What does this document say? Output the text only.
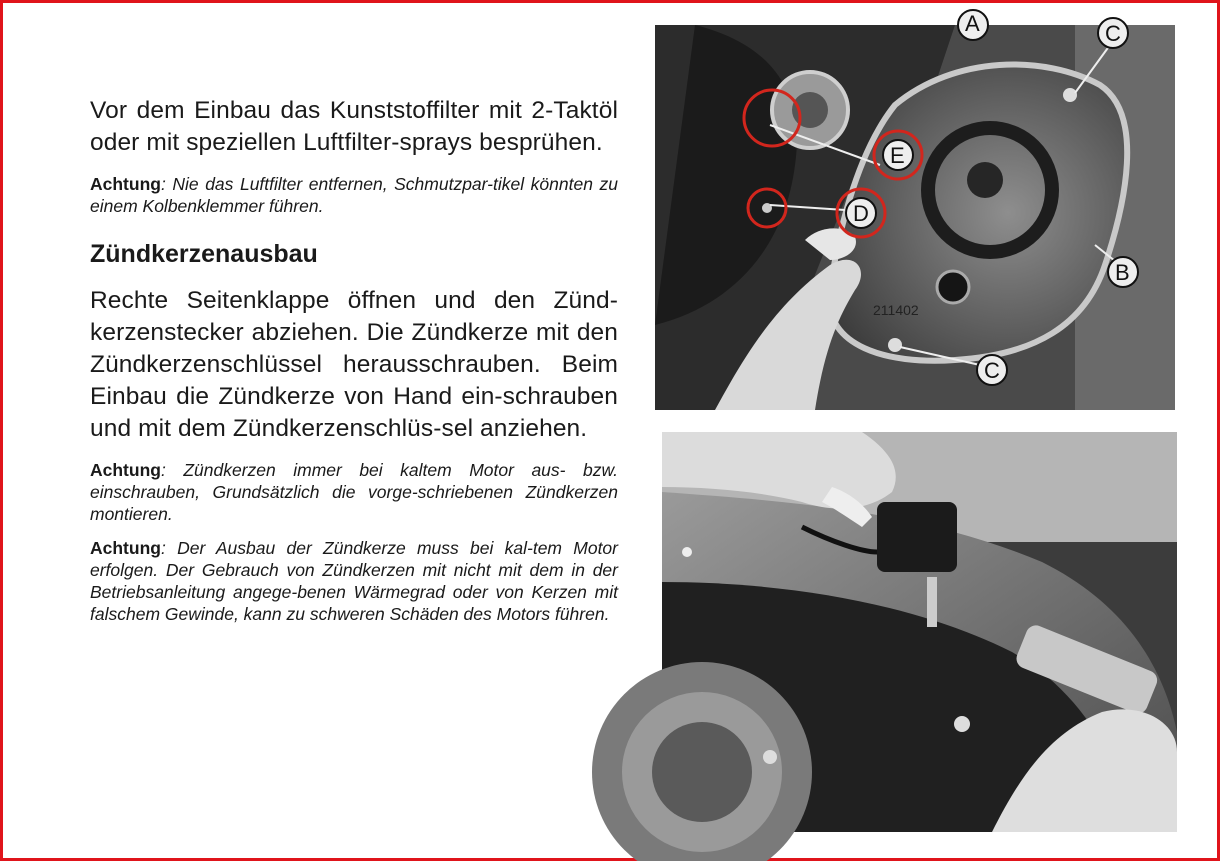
Vor dem Einbau das Kunststoffilter mit 2-Taktöl oder mit speziellen Luftfilter-sprays besprühen.

Achtung: Nie das Luftfilter entfernen, Schmutzpar-tikel könnten zu einem Kolbenklemmer führen.

Zündkerzenausbau

Rechte Seitenklappe öffnen und den Zünd-kerzenstecker abziehen. Die Zündkerze mit den Zündkerzenschlüssel herausschrauben. Beim Einbau die Zündkerze von Hand ein-schrauben und mit dem Zündkerzenschlüs-sel anziehen.

Achtung: Zündkerzen immer bei kaltem Motor aus- bzw. einschrauben, Grundsätzlich die vorge-schriebenen Zündkerzen montieren.

Achtung: Der Ausbau der Zündkerze muss bei kal-tem Motor erfolgen. Der Gebrauch von Zündkerzen mit nicht mit dem in der Betriebsanleitung angege-benen Wärmegrad oder von Kerzen mit falschem Gewinde, kann zu schweren Schäden des Motors führen.

211402
A	C
E
D
B
C
